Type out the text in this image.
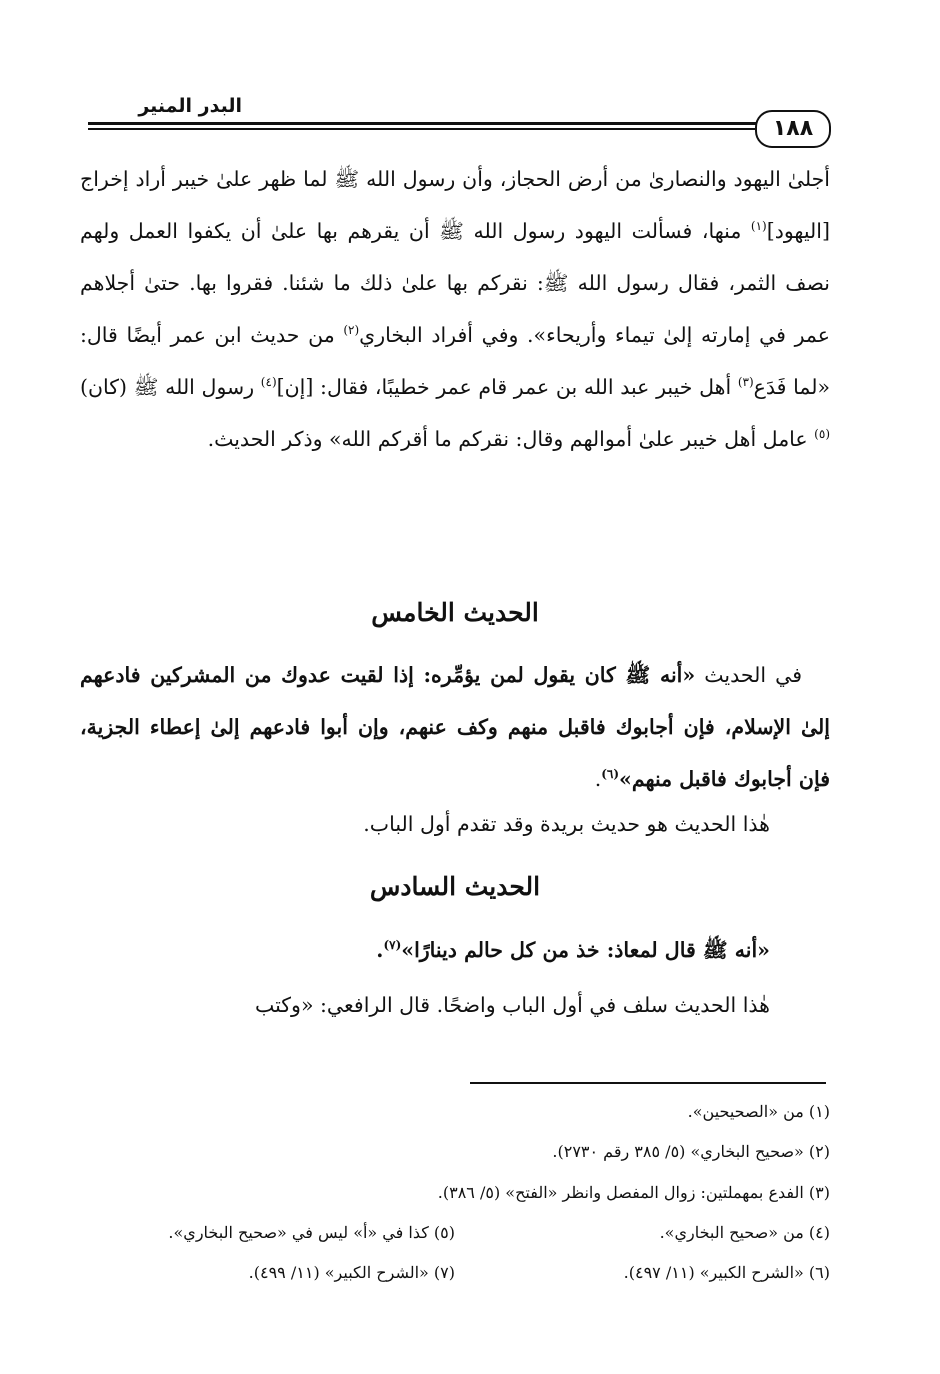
البدر المنير
١٨٨
أجلىٰ اليهود والنصارىٰ من أرض الحجاز، وأن رسول الله ﷺ لما ظهر علىٰ خيبر أراد إخراج [اليهود]$^{(١)}$ منها، فسألت اليهود رسول الله ﷺ أن يقرهم بها علىٰ أن يكفوا العمل ولهم نصف الثمر، فقال رسول الله ﷺ: نقركم بها علىٰ ذلك ما شئنا. فقروا بها. حتىٰ أجلاهم عمر في إمارته إلىٰ تيماء وأريحاء». وفي أفراد البخاري$^{(٢)}$ من حديث ابن عمر أيضًا قال: «لما فَدَع$^{(٣)}$ أهل خيبر عبد الله بن عمر قام عمر خطيبًا، فقال: [إن]$^{(٤)}$ رسول الله ﷺ (كان)$^{(٥)}$ عامل أهل خيبر علىٰ أموالهم وقال: نقركم ما أقركم الله» وذكر الحديث.
الحديث الخامس
في الحديث «أنه ﷺ كان يقول لمن يؤمِّره: إذا لقيت عدوك من المشركين فادعهم إلىٰ الإسلام، فإن أجابوك فاقبل منهم وكف عنهم، وإن أبوا فادعهم إلىٰ إعطاء الجزية، فإن أجابوك فاقبل منهم»$^{(٦)}$.
هٰذا الحديث هو حديث بريدة وقد تقدم أول الباب.
الحديث السادس
«أنه ﷺ قال لمعاذ: خذ من كل حالم دينارًا»$^{(٧)}$.
هٰذا الحديث سلف في أول الباب واضحًا. قال الرافعي: «وكتب
(١) من «الصحيحين».
(٢) «صحيح البخاري» (٥/ ٣٨٥ رقم ٢٧٣٠).
(٣) الفدع بمهملتين: زوال المفصل وانظر «الفتح» (٥/ ٣٨٦).
(٤) من «صحيح البخاري».
(٥) كذا في «أ» ليس في «صحيح البخاري».
(٦) «الشرح الكبير» (١١/ ٤٩٧).
(٧) «الشرح الكبير» (١١/ ٤٩٩).
